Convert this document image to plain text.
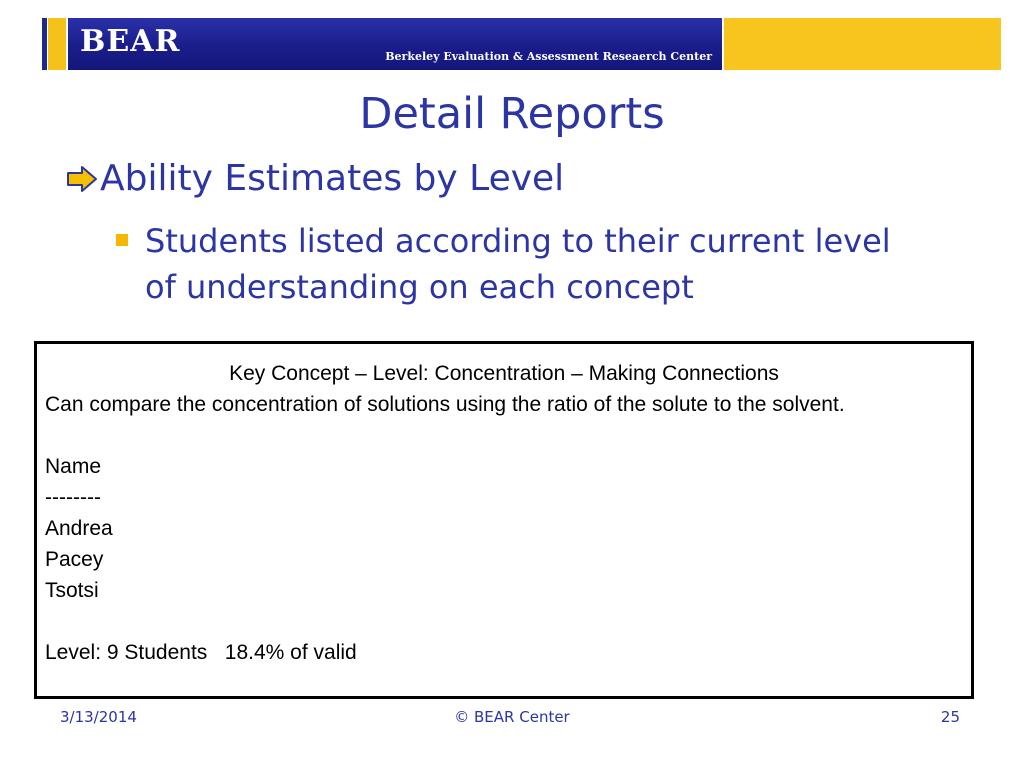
BEAR	Berkeley Evaluation & Assessment Reseaerch Center
Detail Reports
Ability Estimates by Level
Students listed according to their current level of understanding on each concept
Key Concept – Level: Concentration – Making Connections

Can compare the concentration of solutions using the ratio of the solute to the solvent.

Name

--------

Andrea

Pacey

Tsotsi

Level: 9 Students   18.4% of valid

3/13/2014	© BEAR Center	25
